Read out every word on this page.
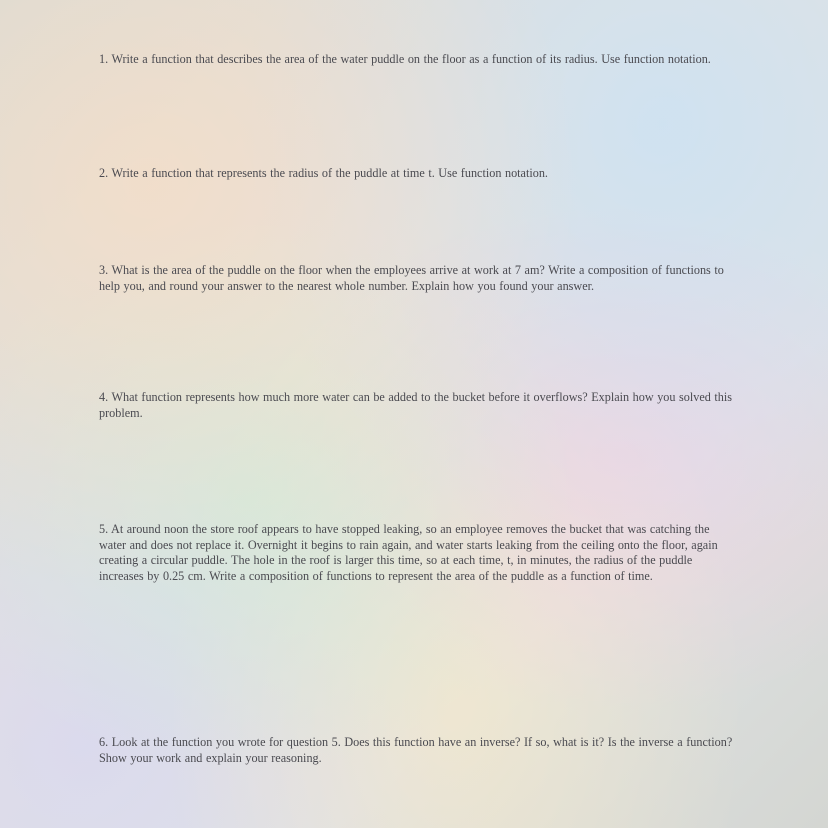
1. Write a function that describes the area of the water puddle on the floor as a function of its radius. Use function notation.

2. Write a function that represents the radius of the puddle at time t. Use function notation.

3. What is the area of the puddle on the floor when the employees arrive at work at 7 am? Write a composition of functions to help you, and round your answer to the nearest whole number. Explain how you found your answer.

4. What function represents how much more water can be added to the bucket before it overflows? Explain how you solved this problem.

5. At around noon the store roof appears to have stopped leaking, so an employee removes the bucket that was catching the water and does not replace it. Overnight it begins to rain again, and water starts leaking from the ceiling onto the floor, again creating a circular puddle. The hole in the roof is larger this time, so at each time, t, in minutes, the radius of the puddle increases by 0.25 cm. Write a composition of functions to represent the area of the puddle as a function of time.

6. Look at the function you wrote for question 5. Does this function have an inverse? If so, what is it? Is the inverse a function? Show your work and explain your reasoning.
